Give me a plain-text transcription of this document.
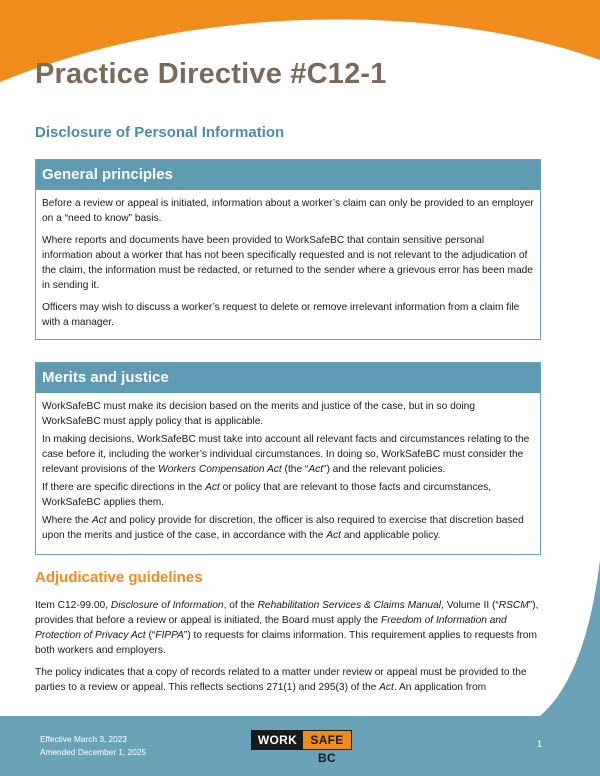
Practice Directive #C12-1
Disclosure of Personal Information
General principles

Before a review or appeal is initiated, information about a worker’s claim can only be provided to an employer on a “need to know” basis.

Where reports and documents have been provided to WorkSafeBC that contain sensitive personal information about a worker that has not been specifically requested and is not relevant to the adjudication of the claim, the information must be redacted, or returned to the sender where a grievous error has been made in sending it.

Officers may wish to discuss a worker’s request to delete or remove irrelevant information from a claim file with a manager.

Merits and justice

WorkSafeBC must make its decision based on the merits and justice of the case, but in so doing WorkSafeBC must apply policy that is applicable.

In making decisions, WorkSafeBC must take into account all relevant facts and circumstances relating to the case before it, including the worker’s individual circumstances. In doing so, WorkSafeBC must consider the relevant provisions of the Workers Compensation Act (the “Act”) and the relevant policies.

If there are specific directions in the Act or policy that are relevant to those facts and circumstances, WorkSafeBC applies them.

Where the Act and policy provide for discretion, the officer is also required to exercise that discretion based upon the merits and justice of the case, in accordance with the Act and applicable policy.

Adjudicative guidelines

Item C12-99.00, Disclosure of Information, of the Rehabilitation Services & Claims Manual, Volume II (“RSCM”), provides that before a review or appeal is initiated, the Board must apply the Freedom of Information and Protection of Privacy Act (“FIPPA”) to requests for claims information. This requirement applies to requests from both workers and employers.

The policy indicates that a copy of records related to a matter under review or appeal must be provided to the parties to a review or appeal. This reflects sections 271(1) and 295(3) of the Act. An application from

Effective March 3, 2023
Amended December 1, 2025
WORK	SAFE BC
1
